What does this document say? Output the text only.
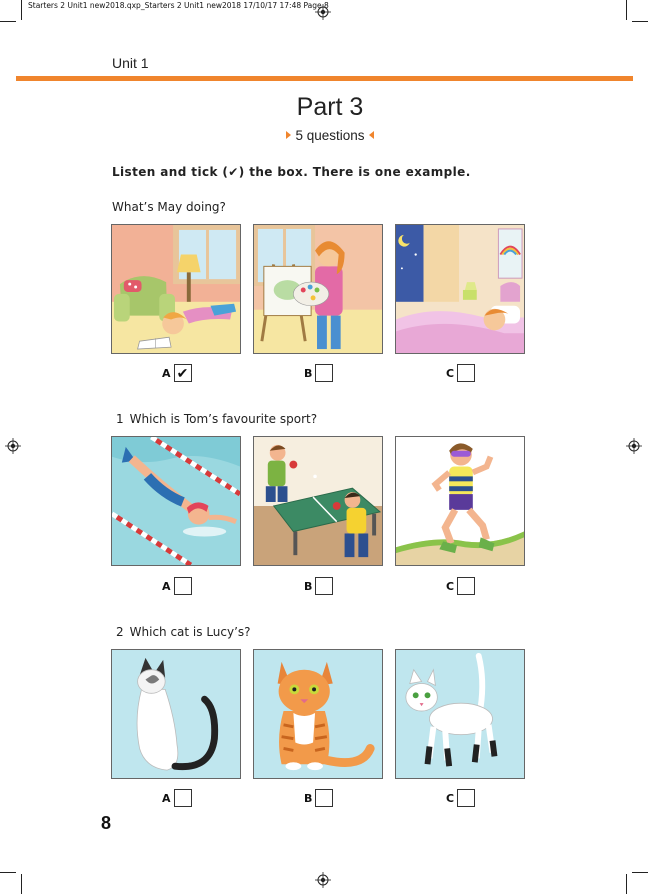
Starters 2 Unit1 new2018.qxp_Starters 2 Unit1 new2018 17/10/17 17:48 Page 8
Unit 1
Part 3
5 questions
Listen and tick (✔) the box. There is one example.
What’s May doing?
A ✔	B	C
1 Which is Tom’s favourite sport?
A	B	C
2 Which cat is Lucy’s?
A	B	C
8
